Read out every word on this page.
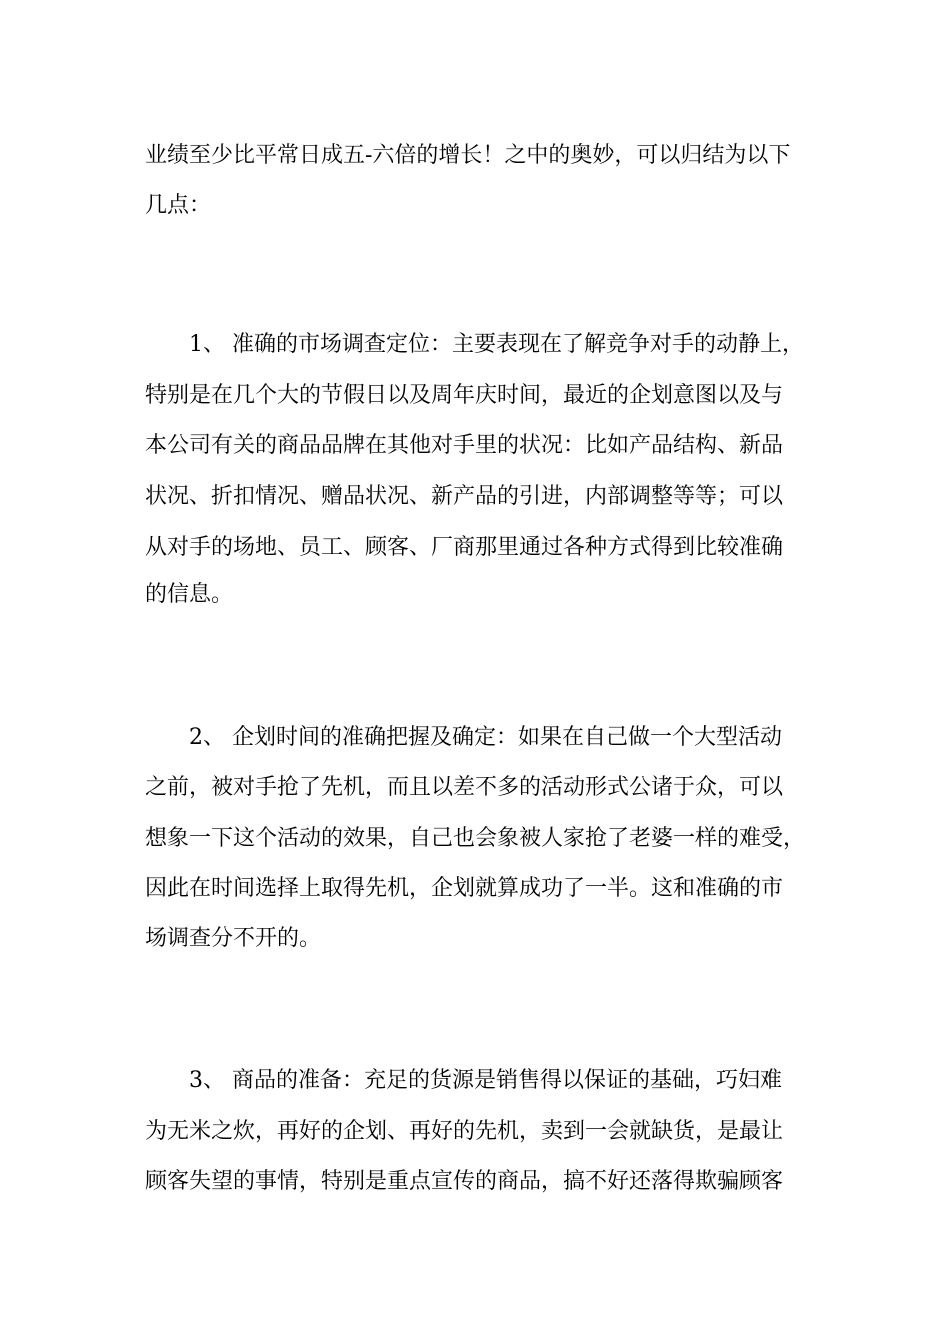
业绩至少比平常日成五-六倍的增长！之中的奥妙，可以归结为以下
几点：
1、 准确的市场调查定位：主要表现在了解竞争对手的动静上，
特别是在几个大的节假日以及周年庆时间，最近的企划意图以及与
本公司有关的商品品牌在其他对手里的状况：比如产品结构、新品
状况、折扣情况、赠品状况、新产品的引进，内部调整等等；可以
从对手的场地、员工、顾客、厂商那里通过各种方式得到比较准确
的信息。
2、 企划时间的准确把握及确定：如果在自己做一个大型活动
之前，被对手抢了先机，而且以差不多的活动形式公诸于众，可以
想象一下这个活动的效果，自己也会象被人家抢了老婆一样的难受，
因此在时间选择上取得先机，企划就算成功了一半。这和准确的市
场调查分不开的。
3、 商品的准备：充足的货源是销售得以保证的基础，巧妇难
为无米之炊，再好的企划、再好的先机，卖到一会就缺货，是最让
顾客失望的事情，特别是重点宣传的商品，搞不好还落得欺骗顾客
